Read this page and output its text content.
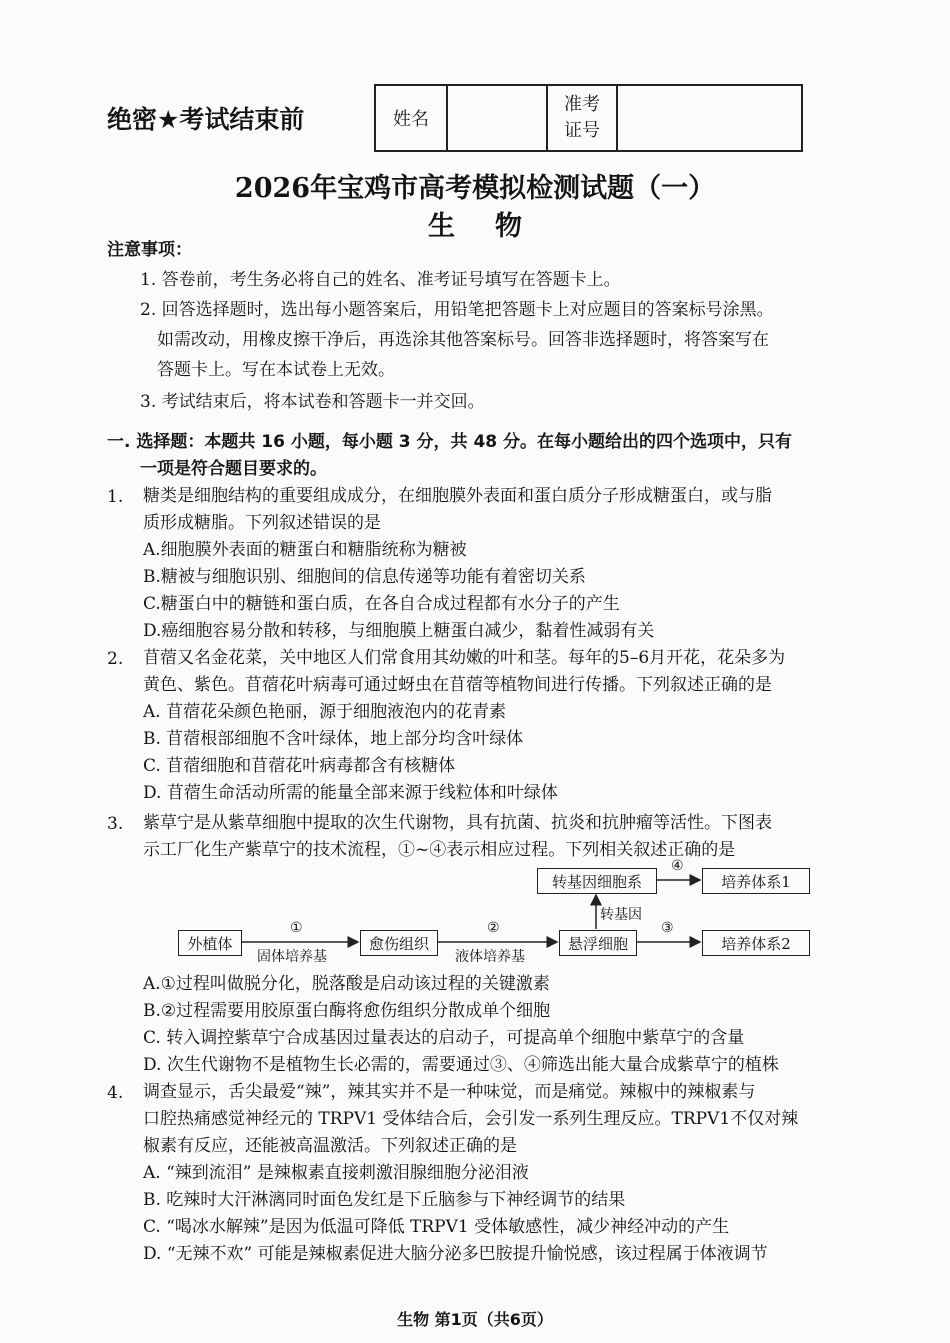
绝密★考试结束前	姓名
准考
证号
2026年宝鸡市高考模拟检测试题（一）
生物
注意事项：
1. 答卷前，考生务必将自己的姓名、准考证号填写在答题卡上。
2. 回答选择题时，选出每小题答案后，用铅笔把答题卡上对应题目的答案标号涂黑。
如需改动，用橡皮擦干净后，再选涂其他答案标号。回答非选择题时，将答案写在
答题卡上。写在本试卷上无效。
3. 考试结束后，将本试卷和答题卡一并交回。
一. 选择题：本题共 16 小题，每小题 3 分，共 48 分。在每小题给出的四个选项中，只有
一项是符合题目要求的。
1. 糖类是细胞结构的重要组成成分，在细胞膜外表面和蛋白质分子形成糖蛋白，或与脂
质形成糖脂。下列叙述错误的是
A.细胞膜外表面的糖蛋白和糖脂统称为糖被
B.糖被与细胞识别、细胞间的信息传递等功能有着密切关系
C.糖蛋白中的糖链和蛋白质，在各自合成过程都有水分子的产生
D.癌细胞容易分散和转移，与细胞膜上糖蛋白减少，黏着性减弱有关
2. 苜蓿又名金花菜，关中地区人们常食用其幼嫩的叶和茎。每年的5–6月开花，花朵多为
黄色、紫色。苜蓿花叶病毒可通过蚜虫在苜蓿等植物间进行传播。下列叙述正确的是
A. 苜蓿花朵颜色艳丽，源于细胞液泡内的花青素
B. 苜蓿根部细胞不含叶绿体，地上部分均含叶绿体
C. 苜蓿细胞和苜蓿花叶病毒都含有核糖体
D. 苜蓿生命活动所需的能量全部来源于线粒体和叶绿体
3. 紫草宁是从紫草细胞中提取的次生代谢物，具有抗菌、抗炎和抗肿瘤等活性。下图表
示工厂化生产紫草宁的技术流程，①~④表示相应过程。下列相关叙述正确的是
外植体	愈伤组织	悬浮细胞
转基因细胞系	培养体系1
培养体系2
①
固体培养基
②
液体培养基
③
④
转基因
A.①过程叫做脱分化，脱落酸是启动该过程的关键激素
B.②过程需要用胶原蛋白酶将愈伤组织分散成单个细胞
C. 转入调控紫草宁合成基因过量表达的启动子，可提高单个细胞中紫草宁的含量
D. 次生代谢物不是植物生长必需的，需要通过③、④筛选出能大量合成紫草宁的植株
4. 调查显示，舌尖最爱“辣”，辣其实并不是一种味觉，而是痛觉。辣椒中的辣椒素与
口腔热痛感觉神经元的 TRPV1 受体结合后，会引发一系列生理反应。TRPV1不仅对辣
椒素有反应，还能被高温激活。下列叙述正确的是
A. “辣到流泪” 是辣椒素直接刺激泪腺细胞分泌泪液
B. 吃辣时大汗淋漓同时面色发红是下丘脑参与下神经调节的结果
C. “喝冰水解辣”是因为低温可降低 TRPV1 受体敏感性，减少神经冲动的产生
D. “无辣不欢” 可能是辣椒素促进大脑分泌多巴胺提升愉悦感，该过程属于体液调节
生物 第1页（共6页）
